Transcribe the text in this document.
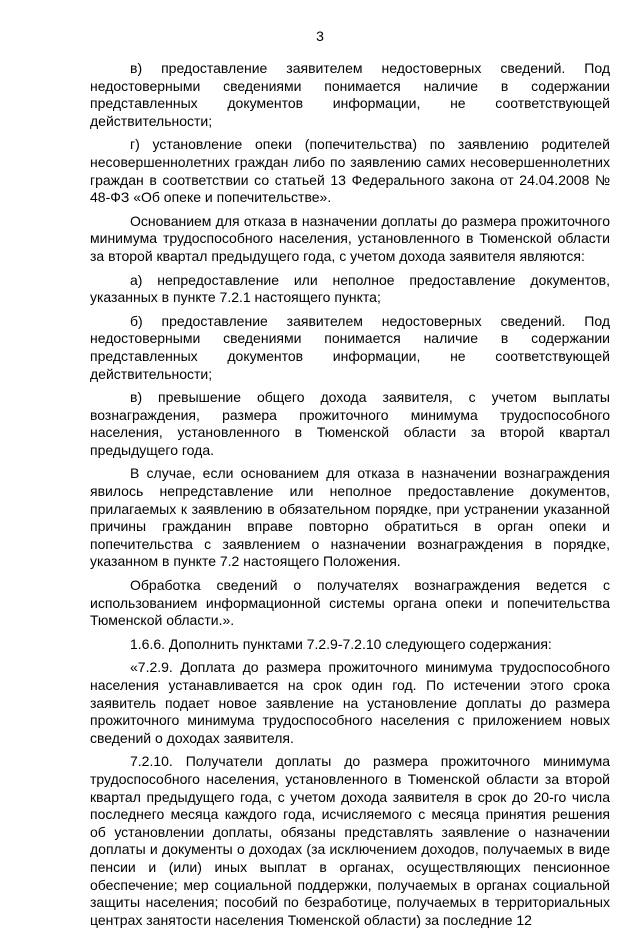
3

в) предоставление заявителем недостоверных сведений. Под недостоверными сведениями понимается наличие в содержании представленных документов информации, не соответствующей действительности;

г) установление опеки (попечительства) по заявлению родителей несовершеннолетних граждан либо по заявлению самих несовершеннолетних граждан в соответствии со статьей 13 Федерального закона от 24.04.2008 № 48-ФЗ «Об опеке и попечительстве».

Основанием для отказа в назначении доплаты до размера прожиточного минимума трудоспособного населения, установленного в Тюменской области за второй квартал предыдущего года, с учетом дохода заявителя являются:

а) непредоставление или неполное предоставление документов, указанных в пункте 7.2.1 настоящего пункта;

б) предоставление заявителем недостоверных сведений. Под недостоверными сведениями понимается наличие в содержании представленных документов информации, не соответствующей действительности;

в) превышение общего дохода заявителя, с учетом выплаты вознаграждения, размера прожиточного минимума трудоспособного населения, установленного в Тюменской области за второй квартал предыдущего года.

В случае, если основанием для отказа в назначении вознаграждения явилось непредставление или неполное предоставление документов, прилагаемых к заявлению в обязательном порядке, при устранении указанной причины гражданин вправе повторно обратиться в орган опеки и попечительства с заявлением о назначении вознаграждения в порядке, указанном в пункте 7.2 настоящего Положения.

Обработка сведений о получателях вознаграждения ведется с использованием информационной системы органа опеки и попечительства Тюменской области.».

1.6.6. Дополнить пунктами 7.2.9-7.2.10 следующего содержания:

«7.2.9. Доплата до размера прожиточного минимума трудоспособного населения устанавливается на срок один год. По истечении этого срока заявитель подает новое заявление на установление доплаты до размера прожиточного минимума трудоспособного населения с приложением новых сведений о доходах заявителя.

7.2.10. Получатели доплаты до размера прожиточного минимума трудоспособного населения, установленного в Тюменской области за второй квартал предыдущего года, с учетом дохода заявителя в срок до 20-го числа последнего месяца каждого года, исчисляемого с месяца принятия решения об установлении доплаты, обязаны представлять заявление о назначении доплаты и документы о доходах (за исключением доходов, получаемых в виде пенсии и (или) иных выплат в органах, осуществляющих пенсионное обеспечение; мер социальной поддержки, получаемых в органах социальной защиты населения; пособий по безработице, получаемых в территориальных центрах занятости населения Тюменской области) за последние 12
